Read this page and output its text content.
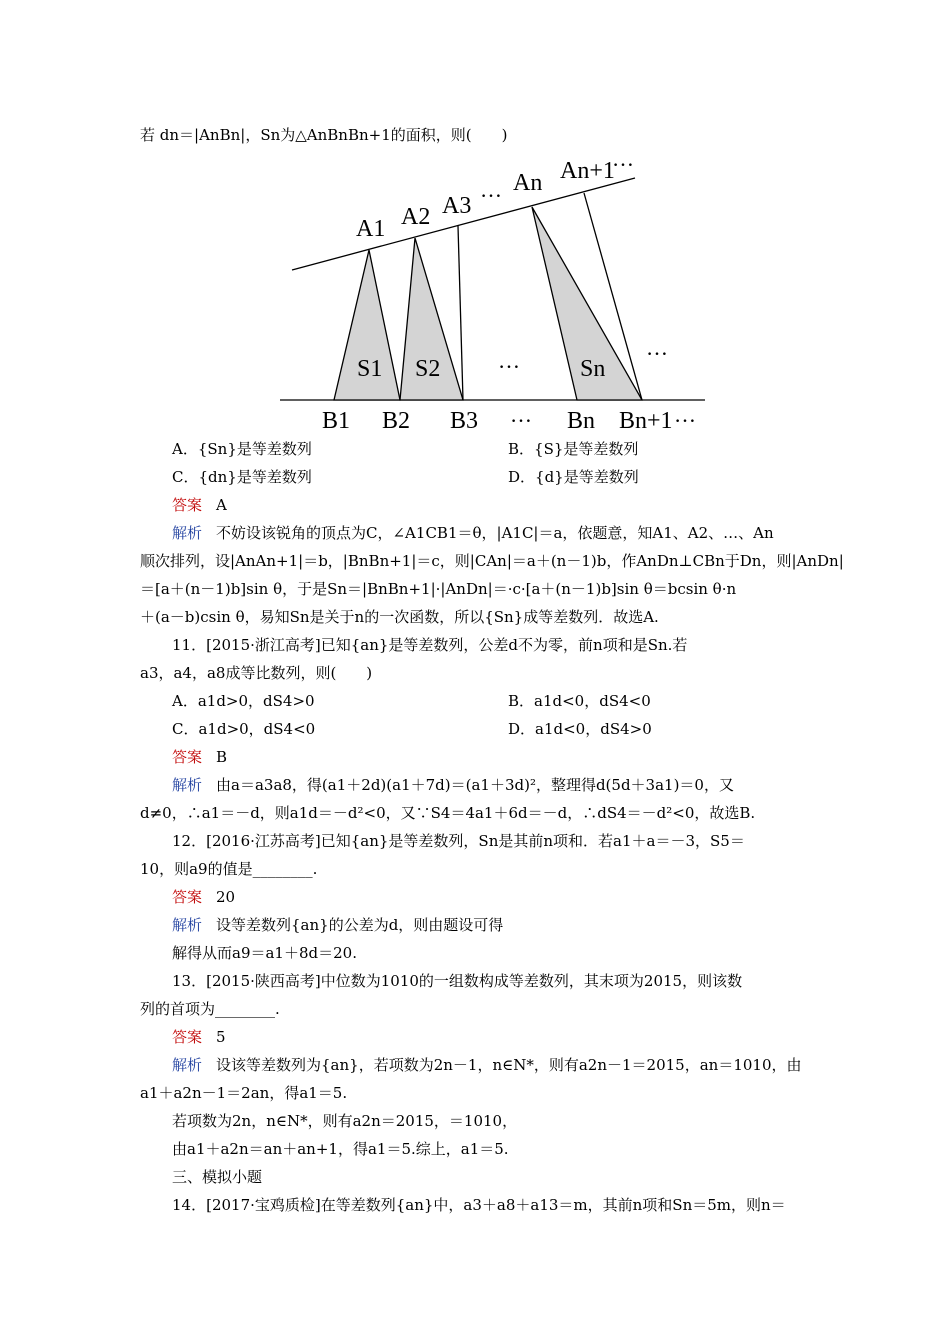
若 dn＝|AnBn|，Sn为△AnBnBn+1的面积，则(　　)
A1 A2 A3
… An An+1
…
S1 S2	…	Sn
…
B1 B2 B3 … Bn Bn+1 …
A．{Sn}是等差数列	B．{S}是等差数列
C．{dn}是等差数列	D．{d}是等差数列
答案 A
解析 不妨设该锐角的顶点为C，∠A1CB1＝θ，|A1C|＝a，依题意，知A1、A2、…、An
顺次排列，设|AnAn+1|＝b，|BnBn+1|＝c，则|CAn|＝a＋(n－1)b，作AnDn⊥CBn于Dn，则|AnDn|
＝[a＋(n－1)b]sin θ，于是Sn＝|BnBn+1|·|AnDn|＝·c·[a＋(n－1)b]sin θ＝bcsin θ·n
＋(a－b)csin θ，易知Sn是关于n的一次函数，所以{Sn}成等差数列．故选A.
11．[2015·浙江高考]已知{an}是等差数列，公差d不为零，前n项和是Sn.若
a3，a4，a8成等比数列，则(　　)
A．a1d>0，dS4>0	B．a1d<0，dS4<0
C．a1d>0，dS4<0	D．a1d<0，dS4>0
答案 B
解析 由a＝a3a8，得(a1＋2d)(a1＋7d)＝(a1＋3d)²，整理得d(5d＋3a1)＝0，又
d≠0，∴a1＝－d，则a1d＝－d²<0，又∵S4＝4a1＋6d＝－d，∴dS4＝－d²<0，故选B.
12．[2016·江苏高考]已知{an}是等差数列，Sn是其前n项和．若a1＋a＝－3，S5＝
10，则a9的值是________.
答案 20
解析 设等差数列{an}的公差为d，则由题设可得
解得从而a9＝a1＋8d＝20.
13．[2015·陕西高考]中位数为1010的一组数构成等差数列，其末项为2015，则该数
列的首项为________.
答案 5
解析 设该等差数列为{an}，若项数为2n－1，n∈N*，则有a2n－1＝2015，an＝1010，由
a1＋a2n－1＝2an，得a1＝5.
若项数为2n，n∈N*，则有a2n＝2015，＝1010，
由a1＋a2n＝an＋an+1，得a1＝5.综上，a1＝5.
三、模拟小题
14．[2017·宝鸡质检]在等差数列{an}中，a3＋a8＋a13＝m，其前n项和Sn＝5m，则n＝
